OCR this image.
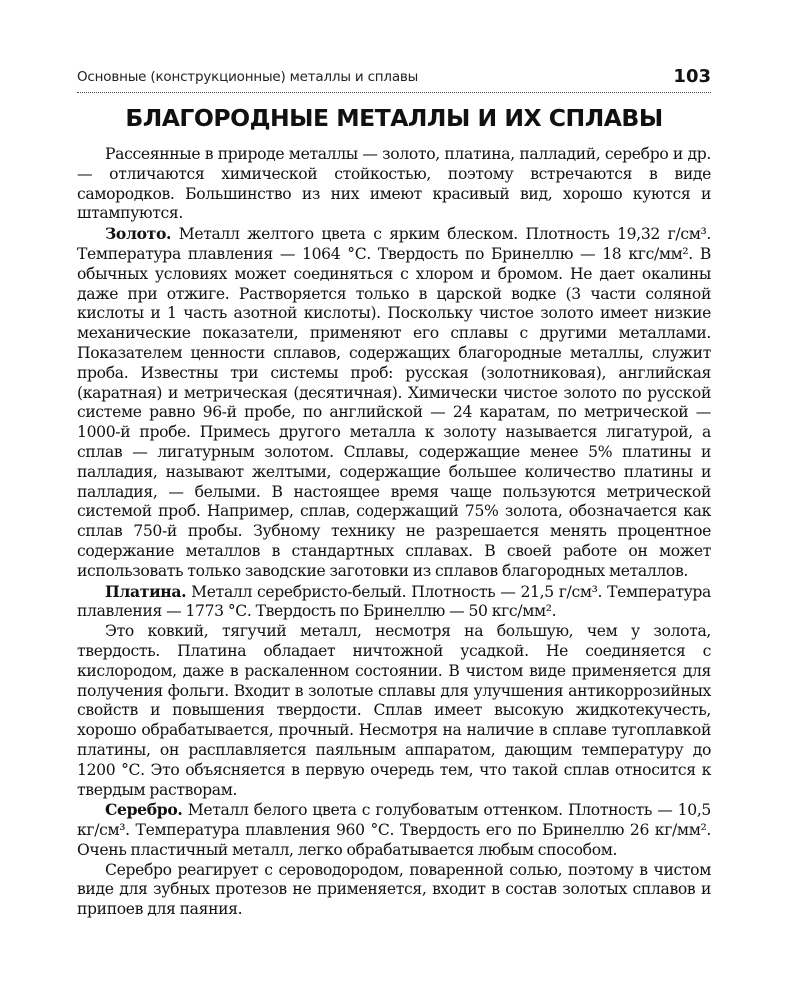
Основные (конструкционные) металлы и сплавы	103
БЛАГОРОДНЫЕ МЕТАЛЛЫ И ИХ СПЛАВЫ

Рассеянные в природе металлы — золото, платина, палладий, серебро и др. — отличаются химической стойкостью, поэтому встречаются в виде самородков. Большинство из них имеют красивый вид, хорошо куются и штампуются.

Золото. Металл желтого цвета с ярким блеском. Плотность 19,32 г/см³. Температура плавления — 1064 °С. Твердость по Бринеллю — 18 кгс/мм². В обычных условиях может соединяться с хлором и бромом. Не дает окалины даже при отжиге. Растворяется только в царской водке (3 части соляной кислоты и 1 часть азотной кислоты). Поскольку чистое золото имеет низкие механические показатели, применяют его сплавы с другими металлами. Показателем ценности сплавов, содержащих благородные металлы, служит проба. Известны три системы проб: русская (золотниковая), английская (каратная) и метрическая (десятичная). Химически чистое золото по русской системе равно 96-й пробе, по английской — 24 каратам, по метрической — 1000-й пробе. Примесь другого металла к золоту называется лигатурой, а сплав — лигатурным золотом. Сплавы, содержащие менее 5% платины и палладия, называют желтыми, содержащие большее количество платины и палладия, — белыми. В настоящее время чаще пользуются метрической системой проб. Например, сплав, содержащий 75% золота, обозначается как сплав 750-й пробы. Зубному технику не разрешается менять процентное содержание металлов в стандартных сплавах. В своей работе он может использовать только заводские заготовки из сплавов благородных металлов.

Платина. Металл серебристо-белый. Плотность — 21,5 г/см³. Температура плавления — 1773 °С. Твердость по Бринеллю — 50 кгс/мм².

Это ковкий, тягучий металл, несмотря на большую, чем у золота, твердость. Платина обладает ничтожной усадкой. Не соединяется с кислородом, даже в раскаленном состоянии. В чистом виде применяется для получения фольги. Входит в золотые сплавы для улучшения антикоррозийных свойств и повышения твердости. Сплав имеет высокую жидкотекучесть, хорошо обрабатывается, прочный. Несмотря на наличие в сплаве тугоплавкой платины, он расплавляется паяльным аппаратом, дающим температуру до 1200 °С. Это объясняется в первую очередь тем, что такой сплав относится к твердым растворам.

Серебро. Металл белого цвета с голубоватым оттенком. Плотность — 10,5 кг/см³. Температура плавления 960 °С. Твердость его по Бринеллю 26 кг/мм². Очень пластичный металл, легко обрабатывается любым способом.

Серебро реагирует с сероводородом, поваренной солью, поэтому в чистом виде для зубных протезов не применяется, входит в состав золотых сплавов и припоев для паяния.
